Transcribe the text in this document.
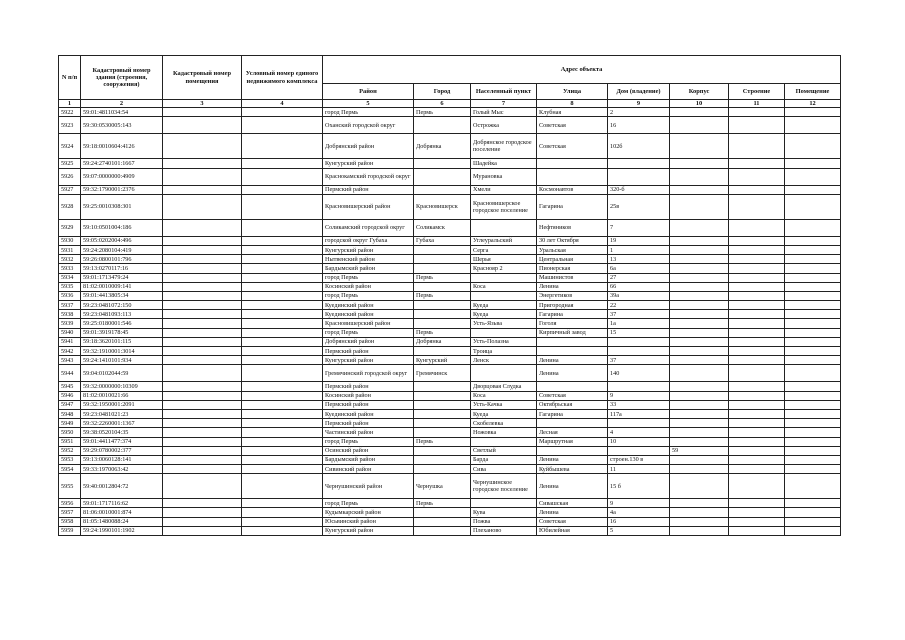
N п/п	Кадастровый номер здания (строения, сооружения)	Кадастровый номер помещения	Условный номер единого недвижимого комплекса	Адрес объекта							
				Район	Город	Населенный пункт	Улица	Дом (владение)	Корпус	Строение	Помещение
1	2	3	4	5	6	7	8	9	10	11	12
5922	59:01:4811034:54			город Пермь	Пермь	Голый Мыс	Клубная	2			
5923	59:30:0530005:143			Оханский городской округ		Острожка	Советская	16			
5924	59:18:0010604:4126			Добрянский район	Добрянка	Добрянское городское поселение	Советская	102б			
5925	59:24:2740101:1667			Кунгурский район		Шадейка					
5926	59:07:0000000:4909			Краснокамский городской округ		Мурановка					
5927	59:32:1790001:2376			Пермский район		Хмели	Космонавтов	320-б			
5928	59:25:0010308:301			Красновишерский район	Красновишерск	Красновишерское городское поселение	Гагарина	25в			
5929	59:10:0501004:186			Соликамский городской округ	Соликамск		Нефтяников	7			
5930	59:05:0202004:496			городской округ Губаха	Губаха	Углеуральский	30 лет Октября	19			
5931	59:24:2080104:419			Кунгурский район		Серга	Уральская	1			
5932	59:26:0800101:796			Нытвенский район		Шерья	Центральная	13			
5933	59:13:0270117:16			Бардымский район		Краснояр 2	Пионерская	6а			
5934	59:01:1713479:24			город Пермь	Пермь		Машинистов	27			
5935	81:02:0010009:141			Косинский район		Коса	Ленина	66			
5936	59:01:4413805:34			город Пермь	Пермь		Энергетиков	39а			
5937	59:23:0481072:150			Куединский район		Куеда	Пригородная	22			
5938	59:23:0481093:113			Куединский район		Куеда	Гагарина	37			
5939	59:25:0180001:546			Красновишерский район		Усть-Язьва	Гоголя	1а			
5940	59:01:3919178:45			город Пермь	Пермь		Кирпичный завод	15			
5941	59:18:3620101:115			Добрянский район	Добрянка	Усть-Полазна					
5942	59:32:1910001:3014			Пермский район		Троица					
5943	59:24:1410101:934			Кунгурский район	Кунгурский	Ленск	Ленина	37			
5944	59:04:0102044:59			Гремячинский городской округ	Гремячинск		Ленина	140			
5945	59:32:0000000:10309			Пермский район		Дворцовая Слудка					
5946	81:02:0010021:66			Косинский район		Коса	Советская	9			
5947	59:32:1950001:2091			Пермский район		Усть-Качка	Октябрьская	33			
5948	59:23:0481021:23			Куединский район		Куеда	Гагарина	117а			
5949	59:32:2260001:1367			Пермский район		Скобелевка					
5950	59:38:0520104:35			Частинский район		Ножовка	Лесная	4			
5951	59:01:4411477:374			город Пермь	Пермь		Маршрутная	10			
5952	59:29:0780002:377			Осинский район		Светлый			59		
5953	59:13:0060128:141			Бардымский район		Барда	Ленина	строен.130 в			
5954	59:33:1970063:42			Сивинский район		Сива	Куйбышева	11			
5955	59:40:0012804:72			Чернушинский район	Чернушка	Чернушинское городское поселение	Ленина	15 б			
5956	59:01:1717116:62			город Пермь	Пермь		Сивашская	9			
5957	81:06:0010001:874			Кудымкарский район		Кува	Ленина	4а			
5958	81:05:1480088:24			Юсьвинский район		Пожва	Советская	16			
5959	59:24:1990101:1902			Кунгурский район		Плеханово	Юбилейная	5			
